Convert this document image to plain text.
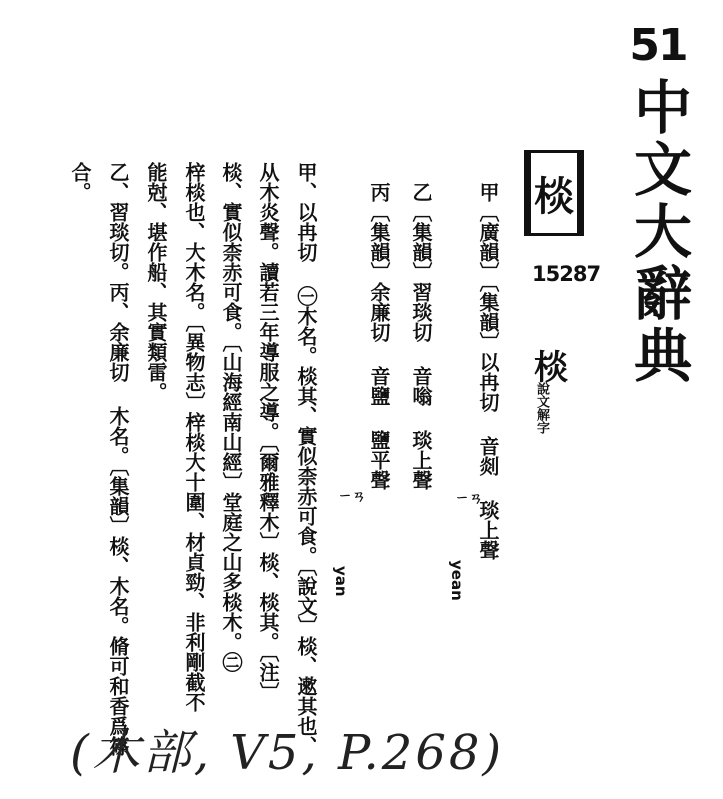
51
中文大辭典
棪
15287
棪
說文解字
甲〔廣韻〕〔集韻〕以冉切 音剡 琰上聲
乙〔集韻〕習琰切 音嗡 琰上聲
丙〔集韻〕余廉切 音鹽 鹽平聲
ㄧㄢ
yean
ㄧㄢ
yan
甲、以冉切 ㊀木名。棪其、實似柰赤可食。〔說文〕棪、遬其也、
从木炎聲。讀若三年導服之導。〔爾雅釋木〕棪、棪其。〔注〕
棪、實似柰赤可食。〔山海經南山經〕堂庭之山多棪木。㊁
梓棪也、大木名。〔異物志〕梓棪大十圍、材貞勁、非利剛截不
能尅、堪作船、其實類雷。
乙、習琰切。丙、余廉切 木名。〔集韻〕棪、木名。脩可和香爲篠
合。
(木部, V5, P.268)
